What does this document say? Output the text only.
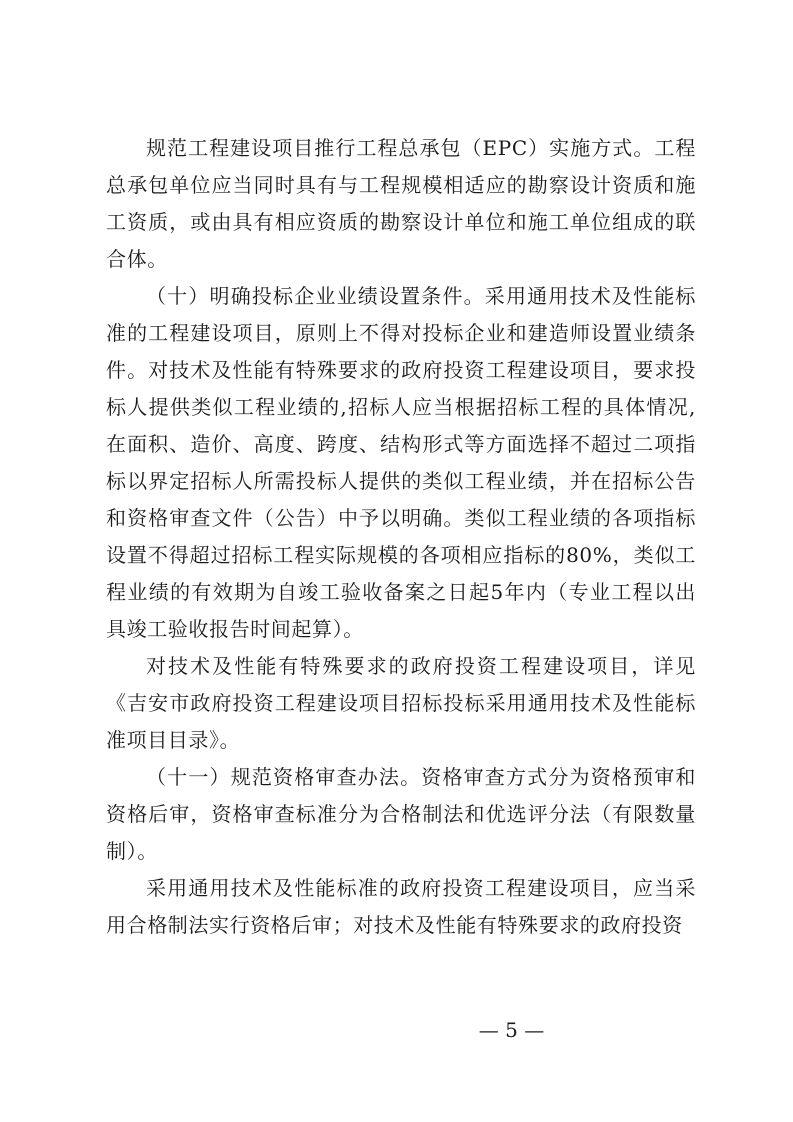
规范工程建设项目推行工程总承包（EPC）实施方式。工程总承包单位应当同时具有与工程规模相适应的勘察设计资质和施工资质，或由具有相应资质的勘察设计单位和施工单位组成的联合体。

（十）明确投标企业业绩设置条件。采用通用技术及性能标准的工程建设项目，原则上不得对投标企业和建造师设置业绩条件。对技术及性能有特殊要求的政府投资工程建设项目，要求投标人提供类似工程业绩的,招标人应当根据招标工程的具体情况,在面积、造价、高度、跨度、结构形式等方面选择不超过二项指标以界定招标人所需投标人提供的类似工程业绩，并在招标公告和资格审查文件（公告）中予以明确。类似工程业绩的各项指标设置不得超过招标工程实际规模的各项相应指标的80%，类似工程业绩的有效期为自竣工验收备案之日起5年内（专业工程以出具竣工验收报告时间起算）。

对技术及性能有特殊要求的政府投资工程建设项目，详见《吉安市政府投资工程建设项目招标投标采用通用技术及性能标准项目目录》。

（十一）规范资格审查办法。资格审查方式分为资格预审和资格后审，资格审查标准分为合格制法和优选评分法（有限数量制）。

采用通用技术及性能标准的政府投资工程建设项目，应当采用合格制法实行资格后审；对技术及性能有特殊要求的政府投资

— 5 —
